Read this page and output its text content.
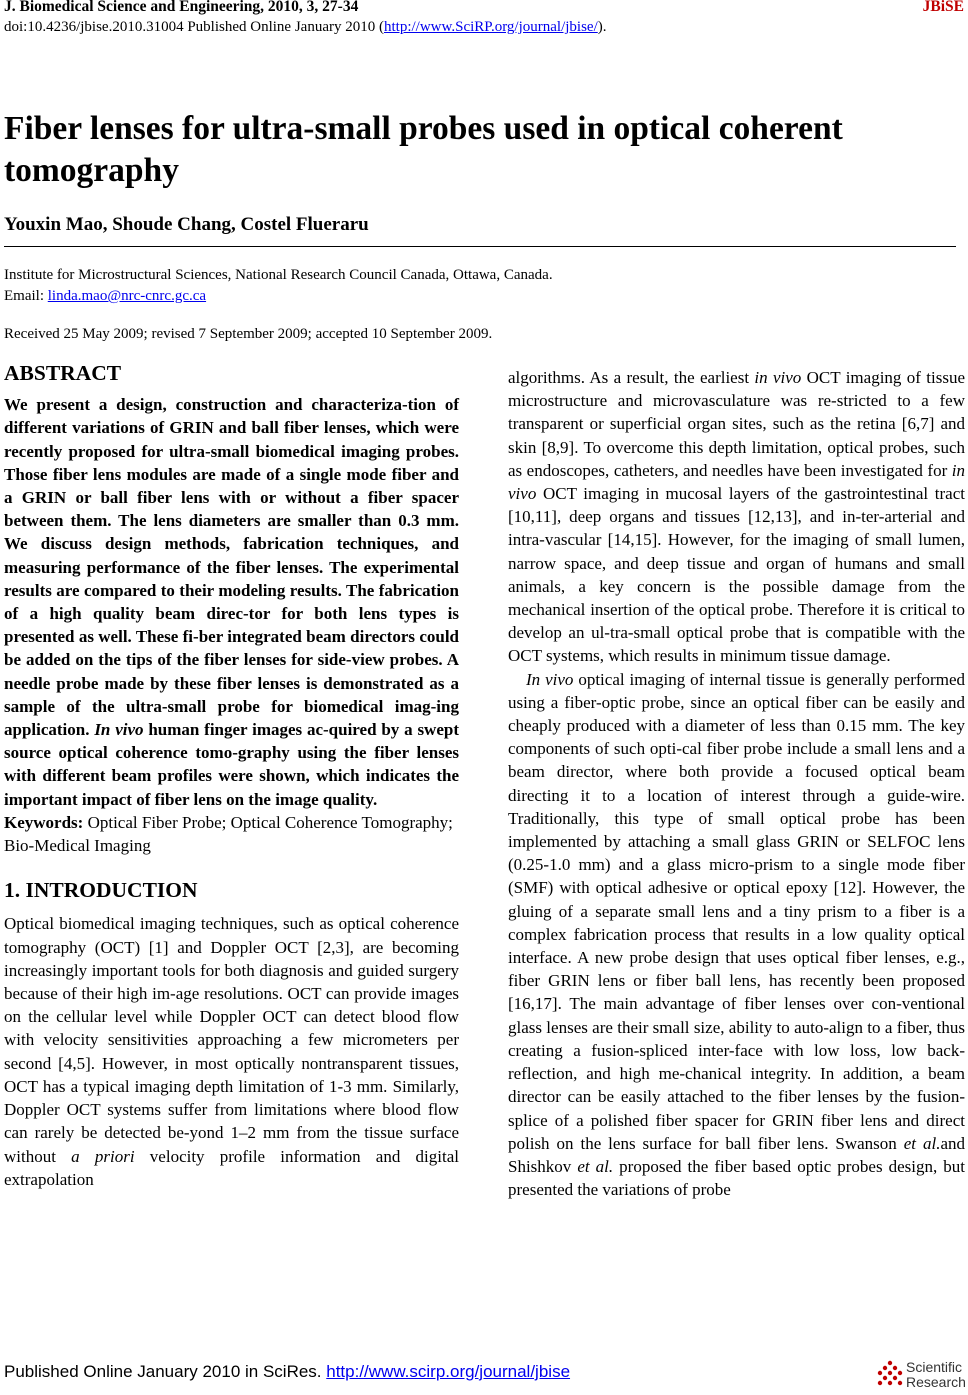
J. Biomedical Science and Engineering, 2010, 3, 27-34	JBiSE
doi:10.4236/jbise.2010.31004 Published Online January 2010 (http://www.SciRP.org/journal/jbise/).
Fiber lenses for ultra-small probes used in optical coherent tomography
Youxin Mao, Shoude Chang, Costel Flueraru
Institute for Microstructural Sciences, National Research Council Canada, Ottawa, Canada.
Email: linda.mao@nrc-cnrc.gc.ca
Received 25 May 2009; revised 7 September 2009; accepted 10 September 2009.
ABSTRACT

We present a design, construction and characteriza-tion of different variations of GRIN and ball fiber lenses, which were recently proposed for ultra-small biomedical imaging probes. Those fiber lens modules are made of a single mode fiber and a GRIN or ball fiber lens with or without a fiber spacer between them. The lens diameters are smaller than 0.3 mm. We discuss design methods, fabrication techniques, and measuring performance of the fiber lenses. The experimental results are compared to their modeling results. The fabrication of a high quality beam direc-tor for both lens types is presented as well. These fi-ber integrated beam directors could be added on the tips of the fiber lenses for side-view probes. A needle probe made by these fiber lenses is demonstrated as a sample of the ultra-small probe for biomedical imag-ing application. In vivo human finger images ac-quired by a swept source optical coherence tomo-graphy using the fiber lenses with different beam profiles were shown, which indicates the important impact of fiber lens on the image quality.

Keywords: Optical Fiber Probe; Optical Coherence Tomography; Bio-Medical Imaging

1. INTRODUCTION

Optical biomedical imaging techniques, such as optical coherence tomography (OCT) [1] and Doppler OCT [2,3], are becoming increasingly important tools for both diagnosis and guided surgery because of their high im-age resolutions. OCT can provide images on the cellular level while Doppler OCT can detect blood flow with velocity sensitivities approaching a few micrometers per second [4,5]. However, in most optically nontransparent tissues, OCT has a typical imaging depth limitation of 1-3 mm. Similarly, Doppler OCT systems suffer from limitations where blood flow can rarely be detected be-yond 1–2 mm from the tissue surface without a priori velocity profile information and digital extrapolation

algorithms. As a result, the earliest in vivo OCT imaging of tissue microstructure and microvasculature was re-stricted to a few transparent or superficial organ sites, such as the retina [6,7] and skin [8,9]. To overcome this depth limitation, optical probes, such as endoscopes, catheters, and needles have been investigated for in vivo OCT imaging in mucosal layers of the gastrointestinal tract [10,11], deep organs and tissues [12,13], and in-ter-arterial and intra-vascular [14,15]. However, for the imaging of small lumen, narrow space, and deep tissue and organ of humans and small animals, a key concern is the possible damage from the mechanical insertion of the optical probe. Therefore it is critical to develop an ul-tra-small optical probe that is compatible with the OCT systems, which results in minimum tissue damage.

In vivo optical imaging of internal tissue is generally performed using a fiber-optic probe, since an optical fiber can be easily and cheaply produced with a diameter of less than 0.15 mm. The key components of such opti-cal fiber probe include a small lens and a beam director, where both provide a focused optical beam directing it to a location of interest through a guide-wire. Traditionally, this type of small optical probe has been implemented by attaching a small glass GRIN or SELFOC lens (0.25-1.0 mm) and a glass micro-prism to a single mode fiber (SMF) with optical adhesive or optical epoxy [12]. However, the gluing of a separate small lens and a tiny prism to a fiber is a complex fabrication process that results in a low quality optical interface. A new probe design that uses optical fiber lenses, e.g., fiber GRIN lens or fiber ball lens, has recently been proposed [16,17]. The main advantage of fiber lenses over con-ventional glass lenses are their small size, ability to auto-align to a fiber, thus creating a fusion-spliced inter-face with low loss, low back-reflection, and high me-chanical integrity. In addition, a beam director can be easily attached to the fiber lenses by the fusion-splice of a polished fiber spacer for GRIN fiber lens and direct polish on the lens surface for ball fiber lens. Swanson et al.and Shishkov et al. proposed the fiber based optic probes design, but presented the variations of probe

Published Online January 2010 in SciRes. http://www.scirp.org/journal/jbise	Scientific
Research
